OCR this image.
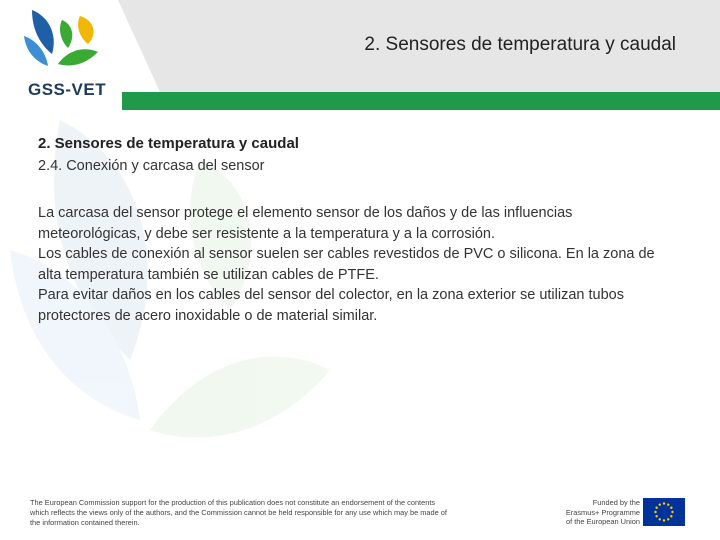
GSS-VET
2. Sensores de temperatura y caudal

2. Sensores de temperatura y caudal

2.4. Conexión y carcasa del sensor

La carcasa del sensor protege el elemento sensor de los daños y de las influencias meteorológicas, y debe ser resistente a la temperatura y a la corrosión.

Los cables de conexión al sensor suelen ser cables revestidos de PVC o silicona. En la zona de alta temperatura también se utilizan cables de PTFE.

Para evitar daños en los cables del sensor del colector, en la zona exterior se utilizan tubos protectores de acero inoxidable o de material similar.

The European Commission support for the production of this publication does not constitute an endorsement of the contents which reflects the views only of the authors, and the Commission cannot be held responsible for any use which may be made of the information contained therein.
Funded by the
Erasmus+ Programme
of the European Union
